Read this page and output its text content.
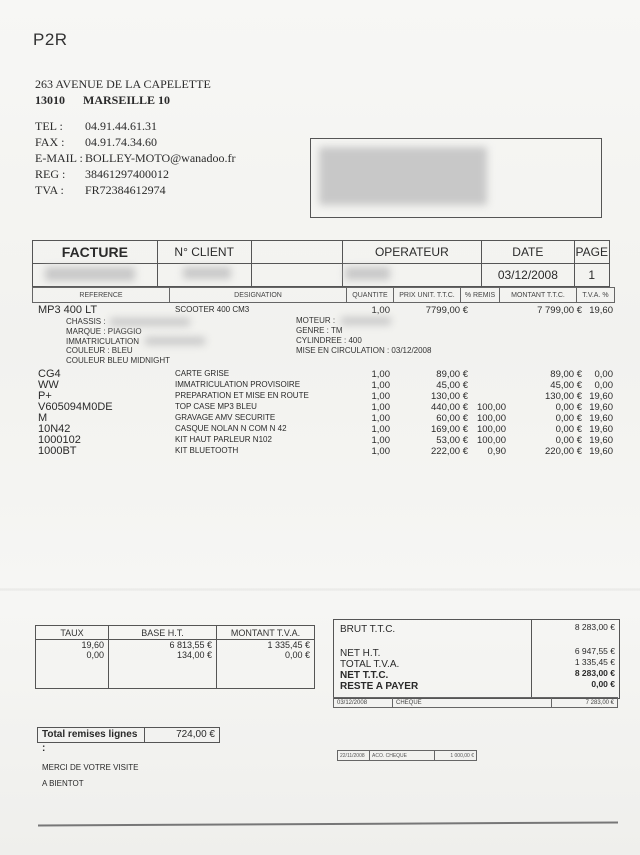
P2R
263 AVENUE DE LA CAPELETTE
13010 MARSEILLE 10
TEL :	04.91.44.61.31
FAX :	04.91.74.34.60
E-MAIL : BOLLEY-MOTO@wanadoo.fr
REG :	38461297400012
TVA :	FR72384612974
FACTURE	N° CLIENT		OPERATEUR	DATE	PAGE

	03/12/2008	1
REFERENCE	DESIGNATION	QUANTITE	PRIX UNIT. T.T.C.	% REMIS	MONTANT T.T.C.	T.V.A. %
MP3 400 LT	SCOOTER 400 CM3	1,00	7799,00 €	7 799,00 € 19,60
CHASSIS :
MARQUE : PIAGGIO
IMMATRICULATION
COULEUR : BLEU
COULEUR BLEU MIDNIGHT
MOTEUR :
GENRE : TM
CYLINDREE : 400
MISE EN CIRCULATION : 03/12/2008
CG4	CARTE GRISE	1,00	89,00 €	89,00 €	0,00
WW	IMMATRICULATION PROVISOIRE	1,00	45,00 €	45,00 €	0,00
P+	PREPARATION ET MISE EN ROUTE	1,00	130,00 €	130,00 € 19,60
V605094M0DE	TOP CASE MP3 BLEU	1,00	440,00 € 100,00	0,00 € 19,60
M	GRAVAGE AMV SECURITE	1,00	60,00 € 100,00	0,00 € 19,60
10N42	CASQUE NOLAN N COM N 42	1,00	169,00 € 100,00	0,00 € 19,60
1000102	KIT HAUT PARLEUR N102	1,00	53,00 € 100,00	0,00 € 19,60
1000BT	KIT BLUETOOTH	1,00	222,00 €	0,90	220,00 € 19,60
TAUX	BASE H.T.	MONTANT T.V.A.
19,60	6 813,55 €	1 335,45 €
0,00	134,00 €	0,00 €

BRUT T.T.C.	8 283,00 €
NET H.T.	6 947,55 €
TOTAL T.V.A.	1 335,45 €
NET T.T.C.	8 283,00 €
RESTE A PAYER	0,00 €
03/12/2008	CHEQUE	7 283,00 €
Total remises lignes :
724,00 €
22/11/2008	ACO. CHEQUE	1 000,00 €
MERCI DE VOTRE VISITE
A BIENTOT
